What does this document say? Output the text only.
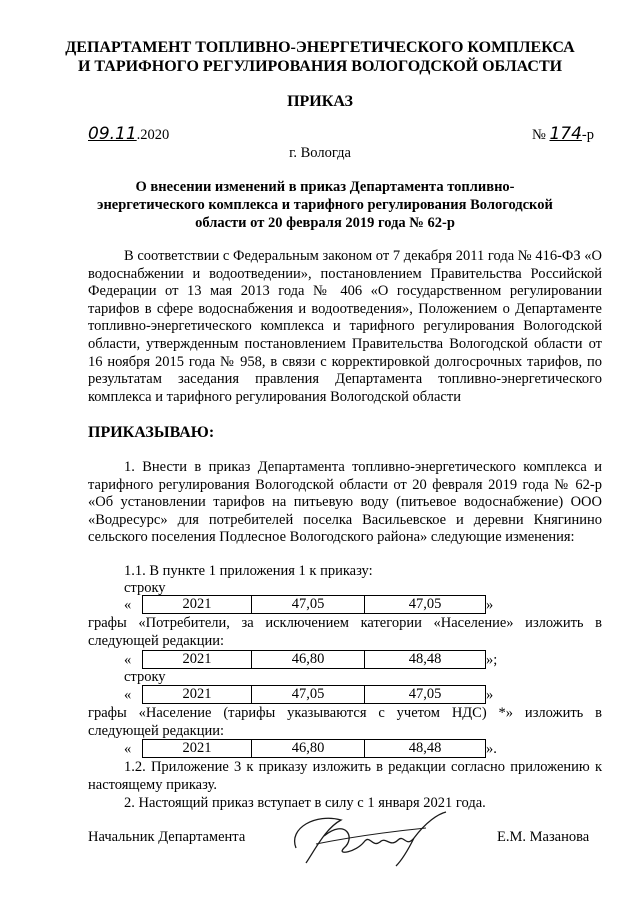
ДЕПАРТАМЕНТ ТОПЛИВНО-ЭНЕРГЕТИЧЕСКОГО КОМПЛЕКСА
И ТАРИФНОГО РЕГУЛИРОВАНИЯ ВОЛОГОДСКОЙ ОБЛАСТИ
ПРИКАЗ
09.11.2020	№ 174-р
г. Вологда
О внесении изменений в приказ Департамента топливно-
энергетического комплекса и тарифного регулирования Вологодской
области от 20 февраля 2019 года № 62-р

В соответствии с Федеральным законом от 7 декабря 2011 года № 416-ФЗ «О водоснабжении и водоотведении», постановлением Правительства Российской Федерации от 13 мая 2013 года № 406 «О государственном регулировании тарифов в сфере водоснабжения и водоотведения», Положением о Департаменте топливно-энергетического комплекса и тарифного регулирования Вологодской области, утвержденным постановлением Правительства Вологодской области от 16 ноября 2015 года № 958, в связи с корректировкой долгосрочных тарифов, по результатам заседания правления Департамента топливно-энергетического комплекса и тарифного регулирования Вологодской области

ПРИКАЗЫВАЮ:

1. Внести в приказ Департамента топливно-энергетического комплекса и тарифного регулирования Вологодской области от 20 февраля 2019 года № 62-р «Об установлении тарифов на питьевую воду (питьевое водоснабжение) ООО «Водресурс» для потребителей поселка Васильевское и деревни Княгинино сельского поселения Подлесное Вологодского района» следующие изменения:

1.1. В пункте 1 приложения 1 к приказу:
строку
«	2021	47,05	47,05	»

графы «Потребители, за исключением категории «Население» изложить в следующей редакции:

«	2021	46,80	48,48	»;
строку
«	2021	47,05	47,05	»

графы «Население (тарифы указываются с учетом НДС) *» изложить в следующей редакции:

«	2021	46,80	48,48	».

1.2. Приложение 3 к приказу изложить в редакции согласно приложению к настоящему приказу.

2. Настоящий приказ вступает в силу с 1 января 2021 года.
Начальник Департамента	Е.М. Мазанова
